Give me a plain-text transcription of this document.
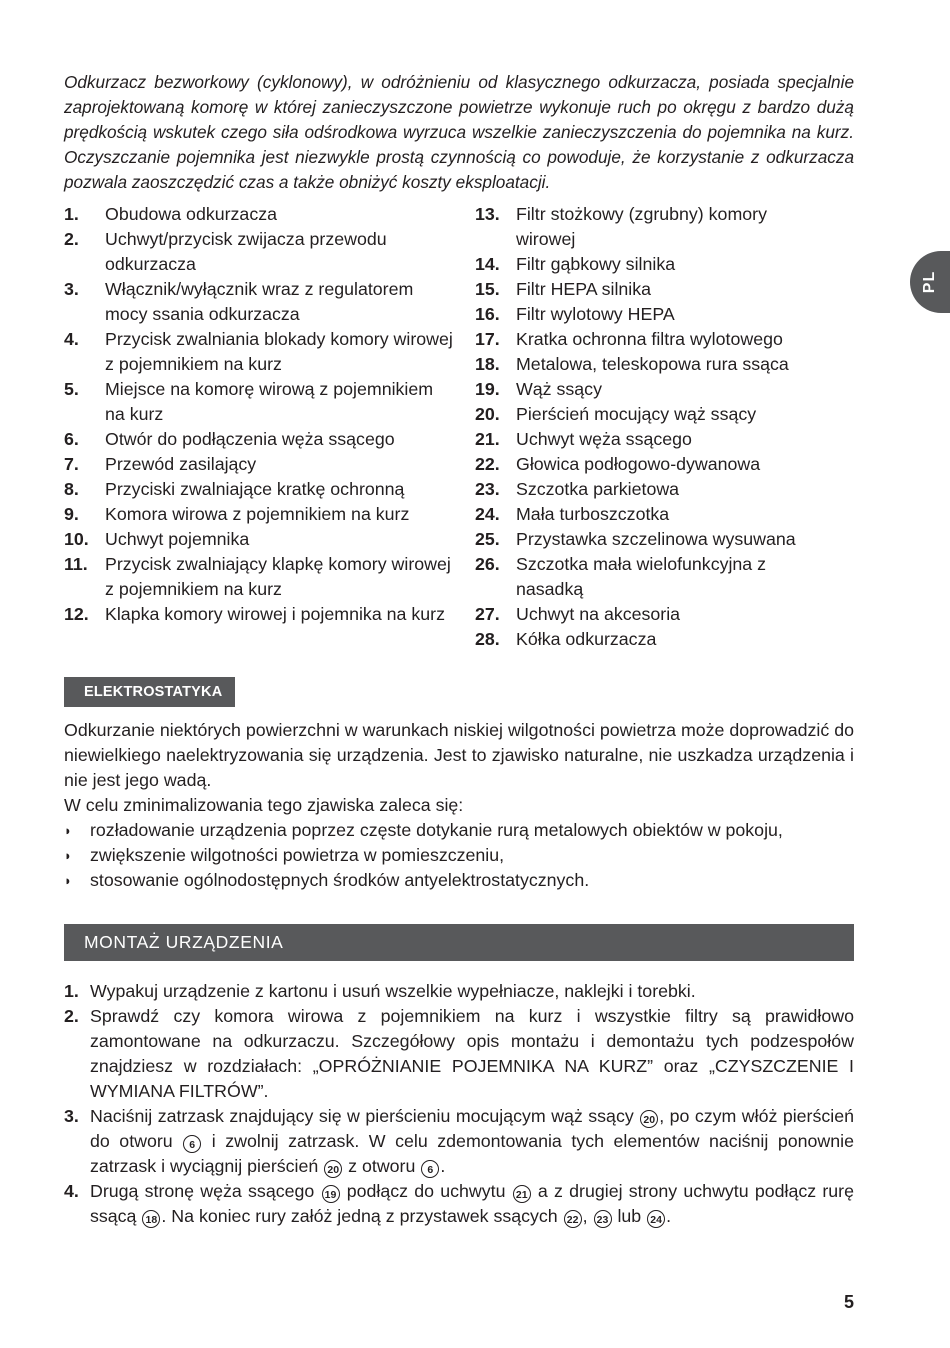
Odkurzacz bezworkowy (cyklonowy), w odróżnieniu od klasycznego odkurzacza, posiada specjalnie zaprojektowaną komorę w której zanieczyszczone powietrze wykonuje ruch po okręgu z bardzo dużą prędkością wskutek czego siła odśrodkowa wyrzuca wszelkie zanieczyszczenia do pojemnika na kurz. Oczyszczanie pojemnika jest niezwykle prostą czynnością co powoduje, że korzystanie z odkurzacza pozwala zaoszczędzić czas a także obniżyć koszty eksploatacji.

1.	Obudowa odkurzacza
2.	Uchwyt/przycisk zwijacza przewodu odkurzacza
3.	Włącznik/wyłącznik wraz z regulatorem mocy ssania odkurzacza
4.	Przycisk zwalniania blokady komory wirowej z pojemnikiem na kurz
5.	Miejsce na komorę wirową z pojemnikiem na kurz
6.	Otwór do podłączenia węża ssącego
7.	Przewód zasilający
8.	Przyciski zwalniające kratkę ochronną
9.	Komora wirowa z pojemnikiem na kurz
10. Uchwyt pojemnika
11. Przycisk zwalniający klapkę komory wirowej z pojemnikiem na kurz
12. Klapka komory wirowej i pojemnika na kurz
13. Filtr stożkowy (zgrubny) komory wirowej
14. Filtr gąbkowy silnika
15. Filtr HEPA silnika
16. Filtr wylotowy HEPA
17. Kratka ochronna filtra wylotowego
18. Metalowa, teleskopowa rura ssąca
19. Wąż ssący
20. Pierścień mocujący wąż ssący
21. Uchwyt węża ssącego
22. Głowica podłogowo-dywanowa
23. Szczotka parkietowa
24. Mała turboszczotka
25. Przystawka szczelinowa wysuwana
26. Szczotka mała wielofunkcyjna z nasadką
27. Uchwyt na akcesoria
28. Kółka odkurzacza
ELEKTROSTATYKA

Odkurzanie niektórych powierzchni w warunkach niskiej wilgotności powietrza może doprowadzić do niewielkiego naelektryzowania się urządzenia. Jest to zjawisko naturalne, nie uszkadza urządzenia i nie jest jego wadą.

W celu zminimalizowania tego zjawiska zaleca się:

◗	rozładowanie urządzenia poprzez częste dotykanie rurą metalowych obiektów w pokoju,
◗	zwiększenie wilgotności powietrza w pomieszczeniu,
◗	stosowanie ogólnodostępnych środków antyelektrostatycznych.
MONTAŻ URZĄDZENIA
1. Wypakuj urządzenie z kartonu i usuń wszelkie wypełniacze, naklejki i torebki.
2. Sprawdź czy komora wirowa z pojemnikiem na kurz i wszystkie filtry są prawidłowo zamontowane na odkurzaczu. Szczegółowy opis montażu i demontażu tych podzespołów znajdziesz w rozdziałach: „OPRÓŻNIANIE POJEMNIKA NA KURZ” oraz „CZYSZCZENIE I WYMIANA FILTRÓW”.
3. Naciśnij zatrzask znajdujący się w pierścieniu mocującym wąż ssący 20 , po czym włóż pierścień do otworu 6 i zwolnij zatrzask. W celu zdemontowania tych elementów naciśnij ponownie zatrzask i wyciągnij pierścień 20 z otworu 6 .
4. Drugą stronę węża ssącego 19 podłącz do uchwytu 21 a z drugiej strony uchwytu podłącz rurę ssącą 18 . Na koniec rury załóż jedną z przystawek ssących 22 , 23 lub 24 .
PL
5
